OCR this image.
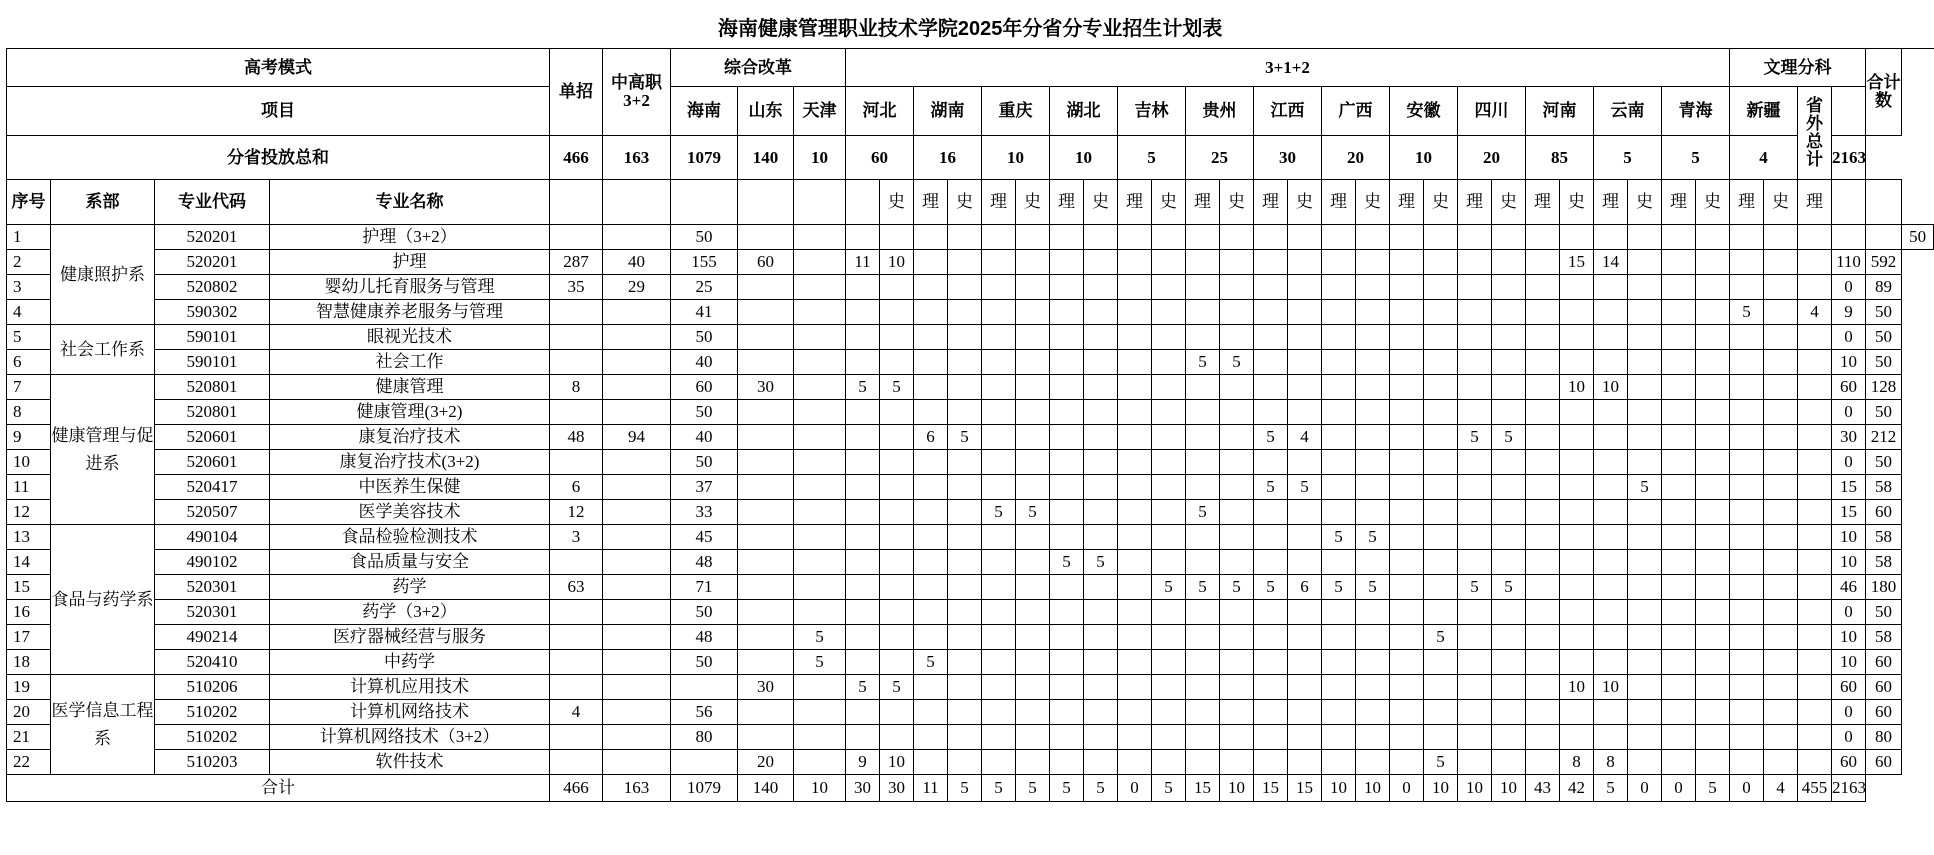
海南健康管理职业技术学院2025年分省分专业招生计划表																																								
高考模式				单招	中高职3+2	综合改革			3+1+2																										文理分科				合计数	
项目						海南	山东	天津	河北		湖南		重庆		湖北		吉林		贵州		江西		广西		安徽		四川		河南		云南		青海		新疆		省外总计			
分省投放总和				466	163	1079	140	10	60		16		10		10		5		25		30		20		10		20		85		5		5		4			2163		
序号	系部	专业代码	专业名称							史	理	史	理	史	理	史	理	史	理	史	理	史	理	史	理	史	理	史	理	史	理	史	理	史	理	史	理			
1	健康照护系	520201	护理（3+2）			50																																		50
2		520201	护理	287	40	155	60		11	10																				15	14							110	592	
3		520802	婴幼儿托育服务与管理	35	29	25																																0	89	
4		590302	智慧健康养老服务与管理			41																													5		4	9	50	
5	社会工作系	590101	眼视光技术			50																																0	50	
6		590101	社会工作			40													5	5																		10	50	
7	健康管理与促进系	520801	健康管理	8		60	30		5	5																				10	10							60	128	
8		520801	健康管理(3+2)			50																																0	50	
9		520601	康复治疗技术	48	94	40					6	5									5	4					5	5										30	212	
10		520601	康复治疗技术(3+2)			50																																0	50	
11		520417	中医养生保健	6		37															5	5										5						15	58	
12		520507	医学美容技术	12		33							5	5					5																			15	60	
13	食品与药学系	490104	食品检验检测技术	3		45																	5	5														10	58	
14		490102	食品质量与安全			48									5	5																						10	58	
15		520301	药学	63		71												5	5	5	5	6	5	5			5	5										46	180	
16		520301	药学（3+2）			50																																0	50	
17		490214	医疗器械经营与服务			48		5																		5												10	58	
18		520410	中药学			50		5			5																											10	60	
19	医学信息工程系	510206	计算机应用技术				30		5	5																				10	10							60	60	
20		510202	计算机网络技术	4		56																																0	60	
21		510202	计算机网络技术（3+2）			80																																0	80	
22		510203	软件技术				20		9	10																5				8	8							60	60	
合计				466	163	1079	140	10	30	30	11	5	5	5	5	5	0	5	15	10	15	15	10	10	0	10	10	10	43	42	5	0	0	5	0	4	455	2163		
